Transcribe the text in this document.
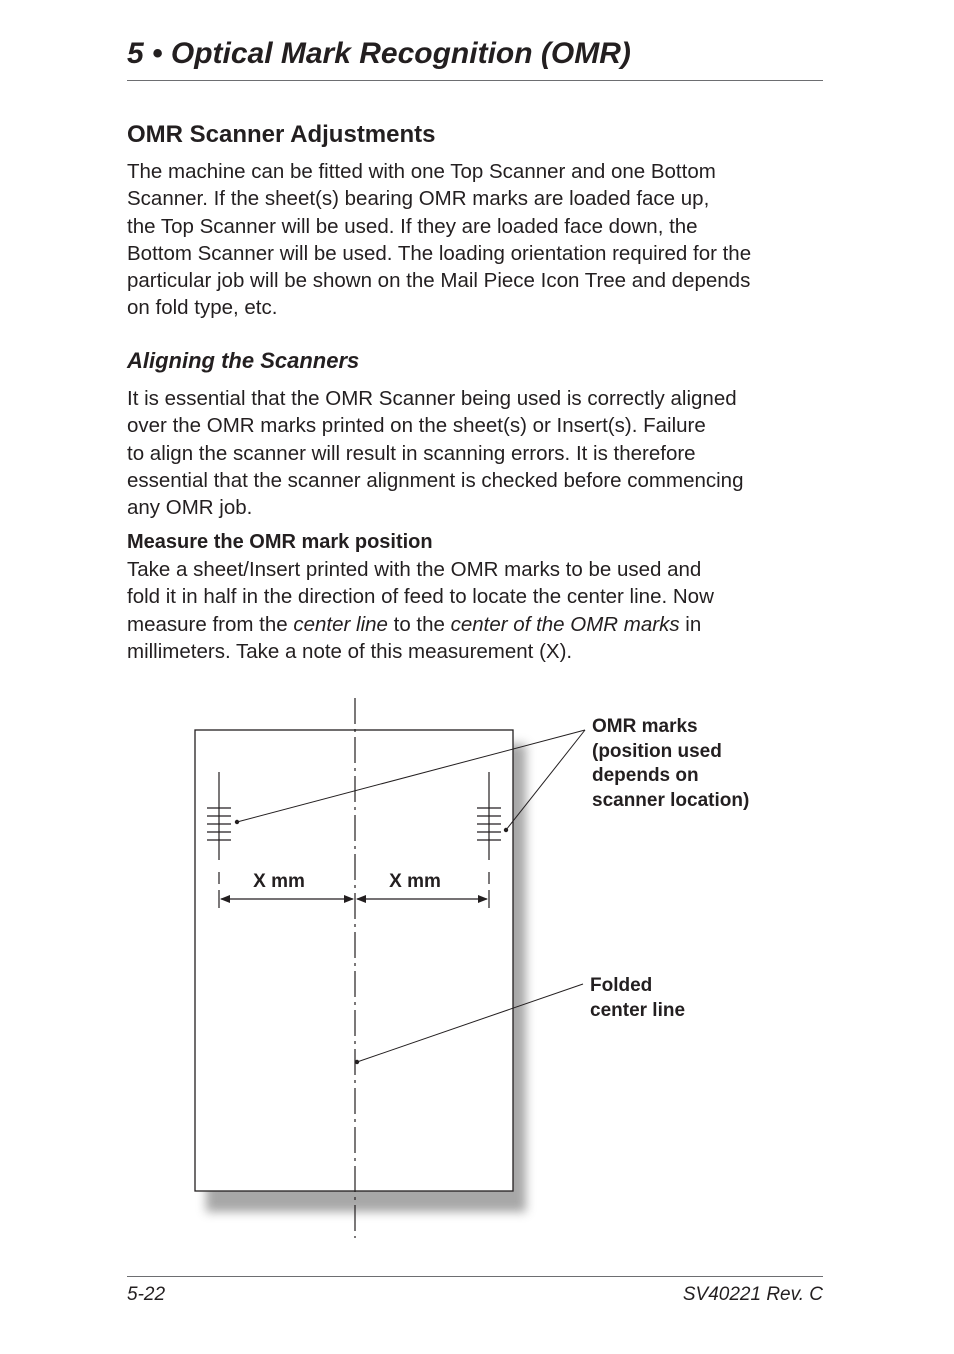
5 • Optical Mark Recognition (OMR)
OMR Scanner Adjustments

The machine can be fitted with one Top Scanner and one Bottom
Scanner. If the sheet(s) bearing OMR marks are loaded face up,
the Top Scanner will be used. If they are loaded face down, the
Bottom Scanner will be used. The loading orientation required for the
particular job will be shown on the Mail Piece Icon Tree and depends
on fold type, etc.

Aligning the Scanners

It is essential that the OMR Scanner being used is correctly aligned
over the OMR marks printed on the sheet(s) or Insert(s). Failure
to align the scanner will result in scanning errors. It is therefore
essential that the scanner alignment is checked before commencing
any OMR job.

Measure the OMR mark position

Take a sheet/Insert printed with the OMR marks to be used and
fold it in half in the direction of feed to locate the center line. Now
measure from the center line to the center of the OMR marks in
millimeters. Take a note of this measurement (X).

X mm	X mm
OMR marks
(position used
depends on
scanner location)
Folded
center line
5-22	SV40221 Rev. C
